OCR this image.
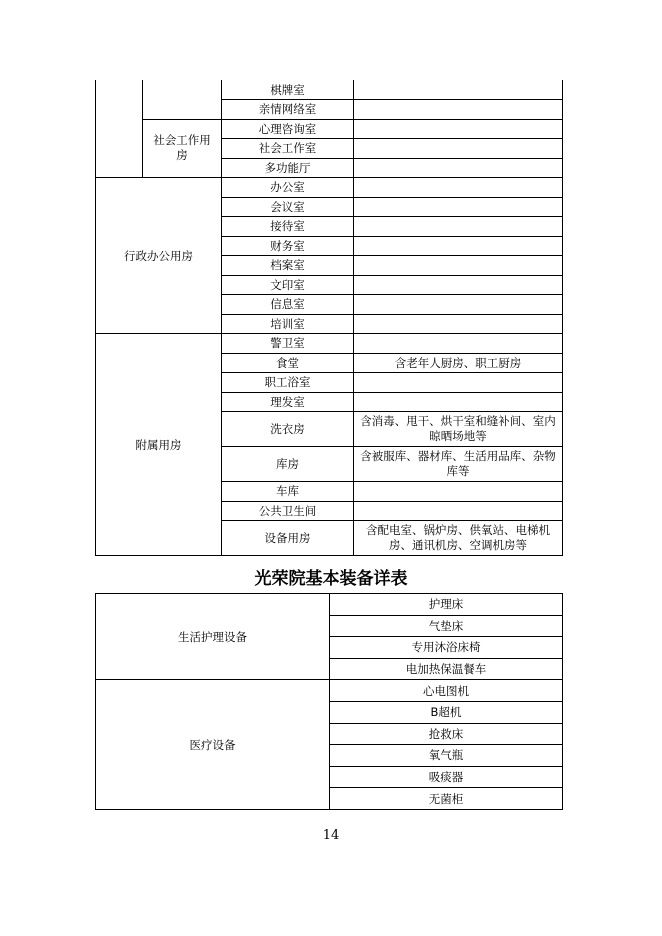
		棋牌室	
		亲情网络室	
	社会工作用房	心理咨询室	
		社会工作室	
		多功能厅	
行政办公用房		办公室	
		会议室	
		接待室	
		财务室	
		档案室	
		文印室	
		信息室	
		培训室	
附属用房		警卫室	
		食堂	含老年人厨房、职工厨房
		职工浴室	
		理发室	
		洗衣房	含消毒、甩干、烘干室和缝补间、室内晾晒场地等
		库房	含被服库、器材库、生活用品库、杂物库等
		车库	
		公共卫生间	
		设备用房	含配电室、锅炉房、供氧站、电梯机房、通讯机房、空调机房等
光荣院基本装备详表
生活护理设备	护理床
	气垫床
	专用沐浴床椅
	电加热保温餐车
医疗设备	心电图机
	B超机
	抢救床
	氧气瓶
	吸痰器
	无菌柜
14
